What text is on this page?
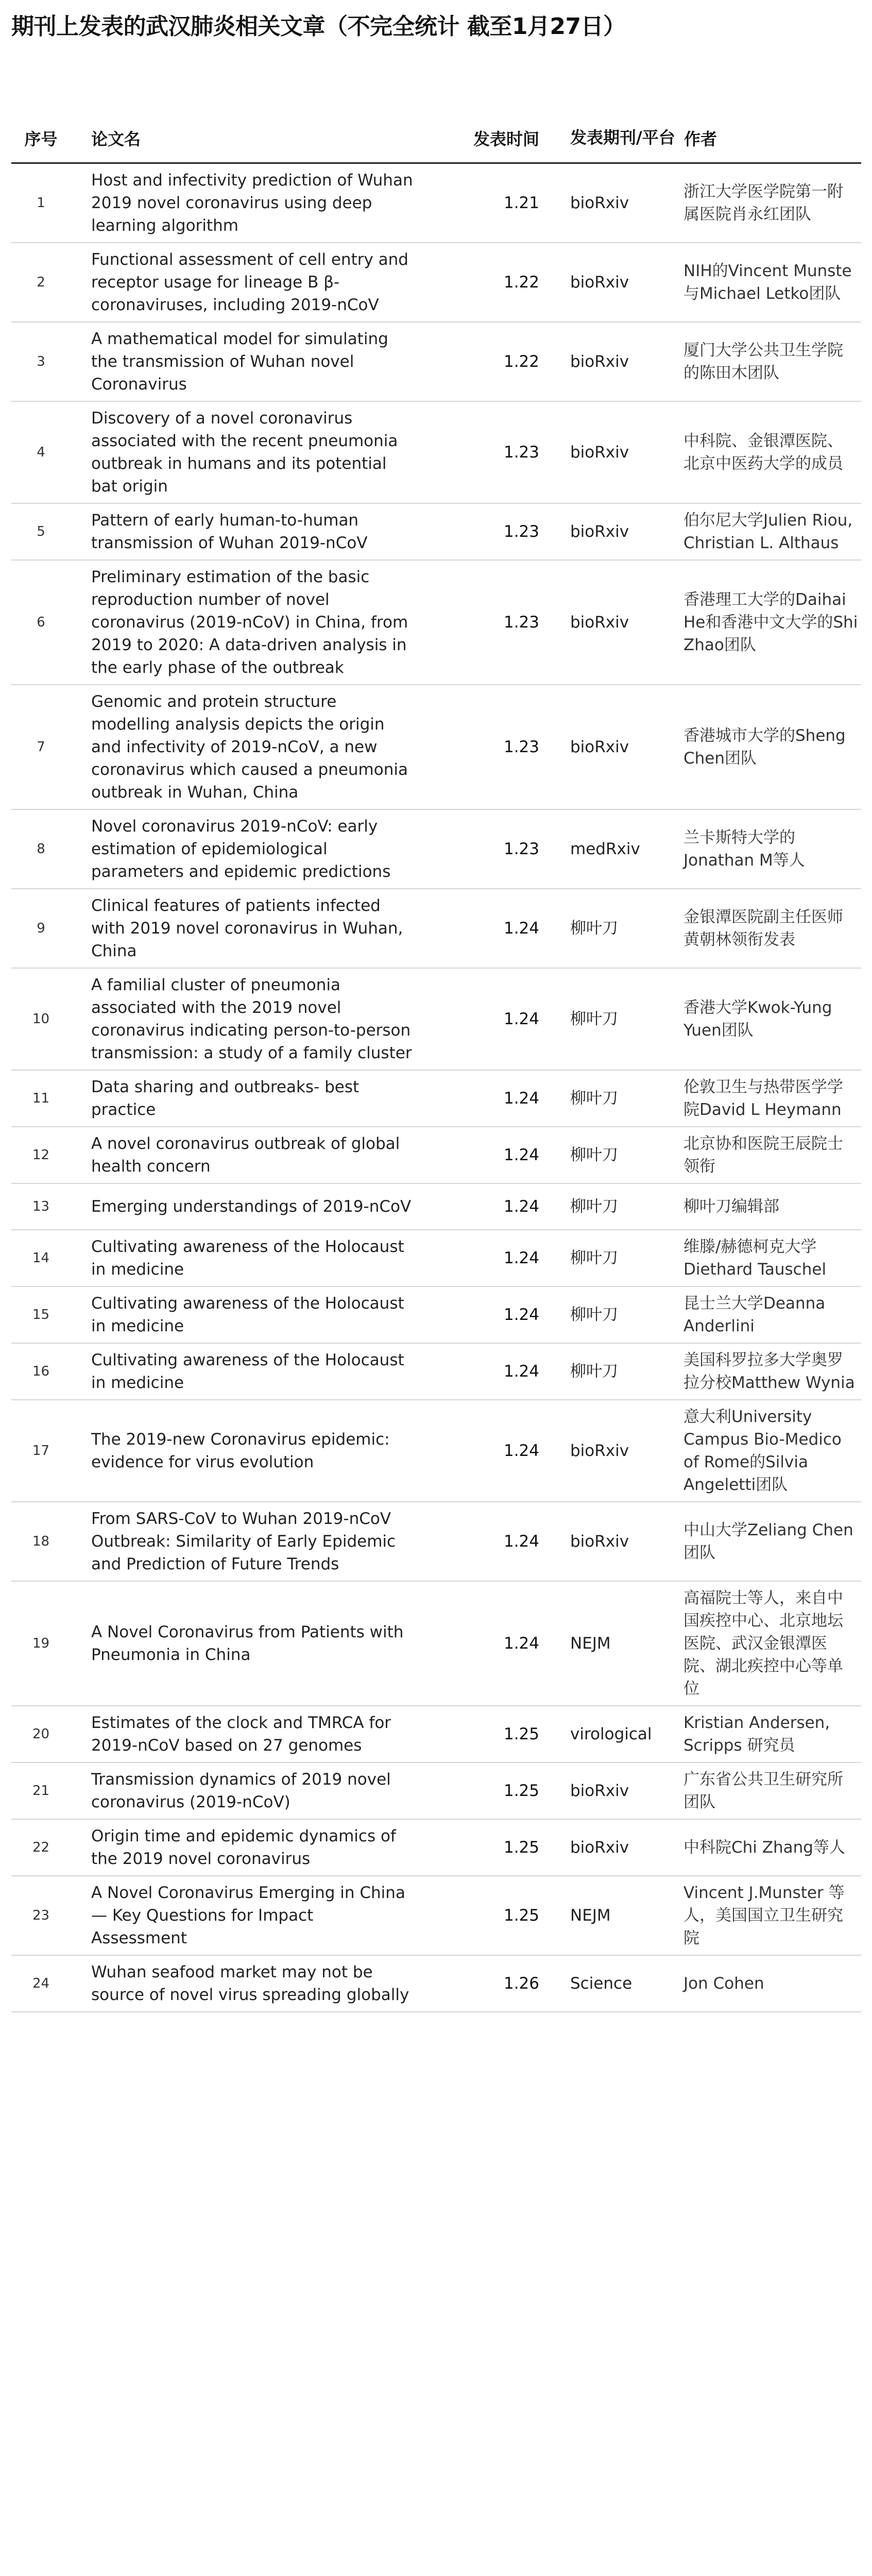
期刊上发表的武汉肺炎相关文章（不完全统计 截至1月27日）
序号	论文名	发表时间	发表期刊/平台	作者
1	Host and infectivity prediction of Wuhan 2019 novel coronavirus using deep learning algorithm	1.21	bioRxiv	浙江大学医学院第一附属医院肖永红团队
2	Functional assessment of cell entry and receptor usage for lineage B β-coronaviruses, including 2019-nCoV	1.22	bioRxiv	NIH的Vincent Munste与Michael Letko团队
3	A mathematical model for simulating the transmission of Wuhan novel Coronavirus	1.22	bioRxiv	厦门大学公共卫生学院的陈田木团队
4	Discovery of a novel coronavirus associated with the recent pneumonia outbreak in humans and its potential bat origin	1.23	bioRxiv	中科院、金银潭医院、北京中医药大学的成员
5	Pattern of early human-to-human transmission of Wuhan 2019-nCoV	1.23	bioRxiv	伯尔尼大学Julien Riou, Christian L. Althaus
6	Preliminary estimation of the basic reproduction number of novel coronavirus (2019-nCoV) in China, from 2019 to 2020: A data-driven analysis in the early phase of the outbreak	1.23	bioRxiv	香港理工大学的Daihai He和香港中文大学的Shi Zhao团队
7	Genomic and protein structure modelling analysis depicts the origin and infectivity of 2019-nCoV, a new coronavirus which caused a pneumonia outbreak in Wuhan, China	1.23	bioRxiv	香港城市大学的Sheng Chen团队
8	Novel coronavirus 2019-nCoV: early estimation of epidemiological parameters and epidemic predictions	1.23	medRxiv	兰卡斯特大学的Jonathan M等人
9	Clinical features of patients infected with 2019 novel coronavirus in Wuhan, China	1.24	柳叶刀	金银潭医院副主任医师黄朝林领衔发表
10	A familial cluster of pneumonia associated with the 2019 novel coronavirus indicating person-to-person transmission: a study of a family cluster	1.24	柳叶刀	香港大学Kwok-Yung Yuen团队
11	Data sharing and outbreaks- best practice	1.24	柳叶刀	伦敦卫生与热带医学学院David L Heymann
12	A novel coronavirus outbreak of global health concern	1.24	柳叶刀	北京协和医院王辰院士领衔
13	Emerging understandings of 2019-nCoV	1.24	柳叶刀	柳叶刀编辑部
14	Cultivating awareness of the Holocaust in medicine	1.24	柳叶刀	维滕/赫德柯克大学Diethard Tauschel
15	Cultivating awareness of the Holocaust in medicine	1.24	柳叶刀	昆士兰大学Deanna Anderlini
16	Cultivating awareness of the Holocaust in medicine	1.24	柳叶刀	美国科罗拉多大学奥罗拉分校Matthew Wynia
17	The 2019-new Coronavirus epidemic: evidence for virus evolution	1.24	bioRxiv	意大利University Campus Bio-Medico of Rome的Silvia Angeletti团队
18	From SARS-CoV to Wuhan 2019-nCoV Outbreak: Similarity of Early Epidemic and Prediction of Future Trends	1.24	bioRxiv	中山大学Zeliang Chen团队
19	A Novel Coronavirus from Patients with Pneumonia in China	1.24	NEJM	高福院士等人，来自中国疾控中心、北京地坛医院、武汉金银潭医院、湖北疾控中心等单位
20	Estimates of the clock and TMRCA for 2019-nCoV based on 27 genomes	1.25	virological	Kristian Andersen, Scripps 研究员
21	Transmission dynamics of 2019 novel coronavirus (2019-nCoV)	1.25	bioRxiv	广东省公共卫生研究所团队
22	Origin time and epidemic dynamics of the 2019 novel coronavirus	1.25	bioRxiv	中科院Chi Zhang等人
23	A Novel Coronavirus Emerging in China — Key Questions for Impact Assessment	1.25	NEJM	Vincent J.Munster 等人，美国国立卫生研究院
24	Wuhan seafood market may not be source of novel virus spreading globally	1.26	Science	Jon Cohen
